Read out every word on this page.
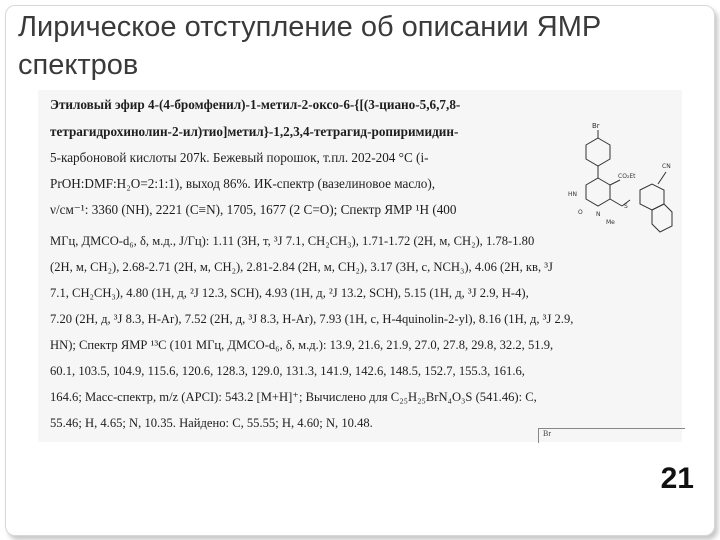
Лирическое отступление об описании ЯМР спектров
Этиловый эфир 4-(4-бромфенил)-1-метил-2-оксо-6-{[(3-циано-5,6,7,8-
тетрагидрохинолин-2-ил)тио]метил}-1,2,3,4-тетрагид-ропиримидин-
5-карбоновой кислоты 207k. Бежевый порошок, т.пл. 202-204 °С (i-
PrOH:DMF:H₂O=2:1:1), выход 86%. ИК-спектр (вазелиновое масло),
ν/см⁻¹: 3360 (NH), 2221 (C≡N), 1705, 1677 (2 C=O); Спектр ЯМР ¹H (400
МГц, ДМСО-d₆, δ, м.д., J/Гц): 1.11 (3H, т, ³J 7.1, CH₂CH₃), 1.71-1.72 (2H, м, CH₂), 1.78-1.80
(2H, м, CH₂), 2.68-2.71 (2H, м, CH₂), 2.81-2.84 (2H, м, CH₂), 3.17 (3H, с, NCH₃), 4.06 (2H, кв, ³J
7.1, CH₂CH₃), 4.80 (1H, д, ²J 12.3, SCH), 4.93 (1H, д, ²J 13.2, SCH), 5.15 (1H, д, ³J 2.9, H-4),
7.20 (2H, д, ³J 8.3, H-Ar), 7.52 (2H, д, ³J 8.3, H-Ar), 7.93 (1H, с, H-4quinolin-2-yl), 8.16 (1H, д, ³J 2.9,
HN); Спектр ЯМР ¹³C (101 МГц, ДМСО-d₆, δ, м.д.): 13.9, 21.6, 21.9, 27.0, 27.8, 29.8, 32.2, 51.9,
60.1, 103.5, 104.9, 115.6, 120.6, 128.3, 129.0, 131.3, 141.9, 142.6, 148.5, 152.7, 155.3, 161.6,
164.6; Масс-спектр, m/z (APCI): 543.2 [M+H]⁺; Вычислено для C₂₅H₂₅BrN₄O₃S (541.46): C,
55.46; H, 4.65; N, 10.35. Найдено: C, 55.55; H, 4.60; N, 10.48.
Br
CO₂Et
HN
O N
Me
S
CN
Br
21
